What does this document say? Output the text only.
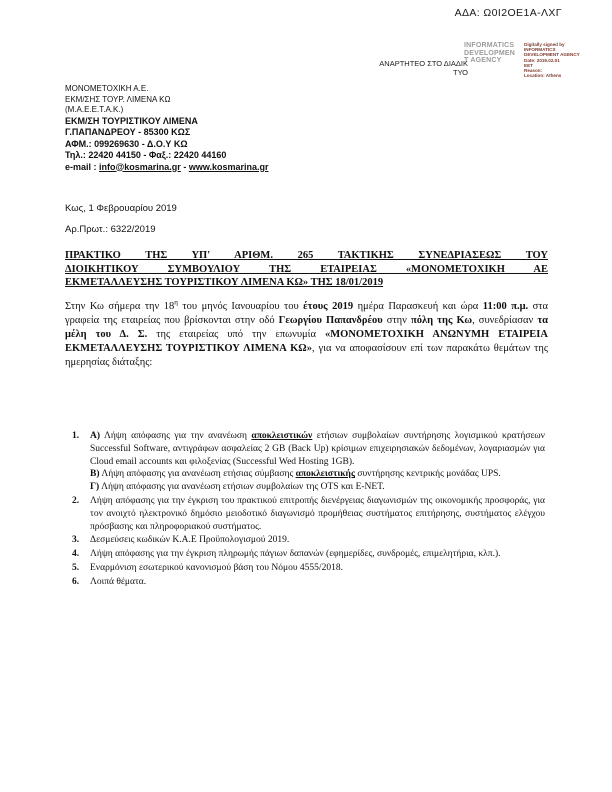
ΑΔΑ: Ω0Ι2ΟΕ1Α-ΛΧΓ
INFORMATICS
DEVELOPMEN
T AGENCY
Digitally signed by
INFORMATICS
DEVELOPMENT AGENCY
Date: 2019.02.01
EET
Reason:
Location: Athens
ΑΝΑΡΤΗΤΕΟ ΣΤΟ ΔΙΑΔΙΚ
ΤΥΟ
ΜΟΝΟΜΕΤΟΧΙΚΗ Α.Ε.
ΕΚΜ/ΣΗΣ ΤΟΥΡ. ΛΙΜΕΝΑ ΚΩ
(Μ.Α.Ε.Ε.Τ.Α.Κ.)
ΕΚΜ/ΣΗ ΤΟΥΡΙΣΤΙΚΟΥ ΛΙΜΕΝΑ
Γ.ΠΑΠΑΝΔΡΕΟΥ - 85300 ΚΩΣ
ΑΦΜ.: 099269630 - Δ.Ο.Υ ΚΩ
Τηλ.: 22420 44150 - Φαξ.: 22420 44160
e-mail : info@kosmarina.gr - www.kosmarina.gr
Κως, 1 Φεβρουαρίου 2019
Αρ.Πρωτ.: 6322/2019
ΠΡΑΚΤΙΚΟ ΤΗΣ ΥΠ' ΑΡΙΘΜ. 265 ΤΑΚΤΙΚΗΣ ΣΥΝΕΔΡΙΑΣΕΩΣ ΤΟΥ
ΔΙΟΙΚΗΤΙΚΟΥ ΣΥΜΒΟΥΛΙΟΥ ΤΗΣ ΕΤΑΙΡΕΙΑΣ «ΜΟΝΟΜΕΤΟΧΙΚΗ ΑΕ
ΕΚΜΕΤΑΛΛΕΥΣΗΣ ΤΟΥΡΙΣΤΙΚΟΥ ΛΙΜΕΝΑ ΚΩ» ΤΗΣ 18/01/2019

Στην Κω σήμερα την $18^\eta$ του μηνός Ιανουαρίου του έτους 2019 ημέρα Παρασκευή και ώρα 11:00 π.μ. στα γραφεία της εταιρείας που βρίσκονται στην οδό Γεωργίου Παπανδρέου στην πόλη της Κω, συνεδρίασαν τα μέλη του Δ. Σ. της εταιρείας υπό την επωνυμία «ΜΟΝΟΜΕΤΟΧΙΚΗ ΑΝΩΝΥΜΗ ΕΤΑΙΡΕΙΑ ΕΚΜΕΤΑΛΛΕΥΣΗΣ ΤΟΥΡΙΣΤΙΚΟΥ ΛΙΜΕΝΑ ΚΩ», για να αποφασίσουν επί των παρακάτω θεμάτων της ημερησίας διάταξης:

1.	Α) Λήψη απόφασης για την ανανέωση αποκλειστικών ετήσιων συμβολαίων συντήρησης λογισμικού κρατήσεων Successful Software, αντιγράφων ασφαλείας 2 GB (Back Up) κρίσιμων επιχειρησιακών δεδομένων, λογαριασμών για Cloud email accounts και φιλοξενίας (Successful Wed Hosting 1GB).
Β) Λήψη απόφασης για ανανέωση ετήσιας σύμβασης αποκλειστικής συντήρησης κεντρικής μονάδας UPS.
Γ) Λήψη απόφασης για ανανέωση ετήσιων συμβολαίων της OTS και E-NET.
2.	Λήψη απόφασης για την έγκριση του πρακτικού επιτροπής διενέργειας διαγωνισμών της οικονομικής προσφοράς, για τον ανοιχτό ηλεκτρονικό δημόσιο μειοδοτικό διαγωνισμό προμήθειας συστήματος επιτήρησης, συστήματος ελέγχου πρόσβασης και πληροφοριακού συστήματος.
3.	Δεσμεύσεις κωδικών Κ.Α.Ε Προϋπολογισμού 2019.
4.	Λήψη απόφασης για την έγκριση πληρωμής πάγιων δαπανών (εφημερίδες, συνδρομές, επιμελητήρια, κλπ.).
5.	Εναρμόνιση εσωτερικού κανονισμού βάση του Νόμου 4555/2018.
6.	Λοιπά θέματα.
